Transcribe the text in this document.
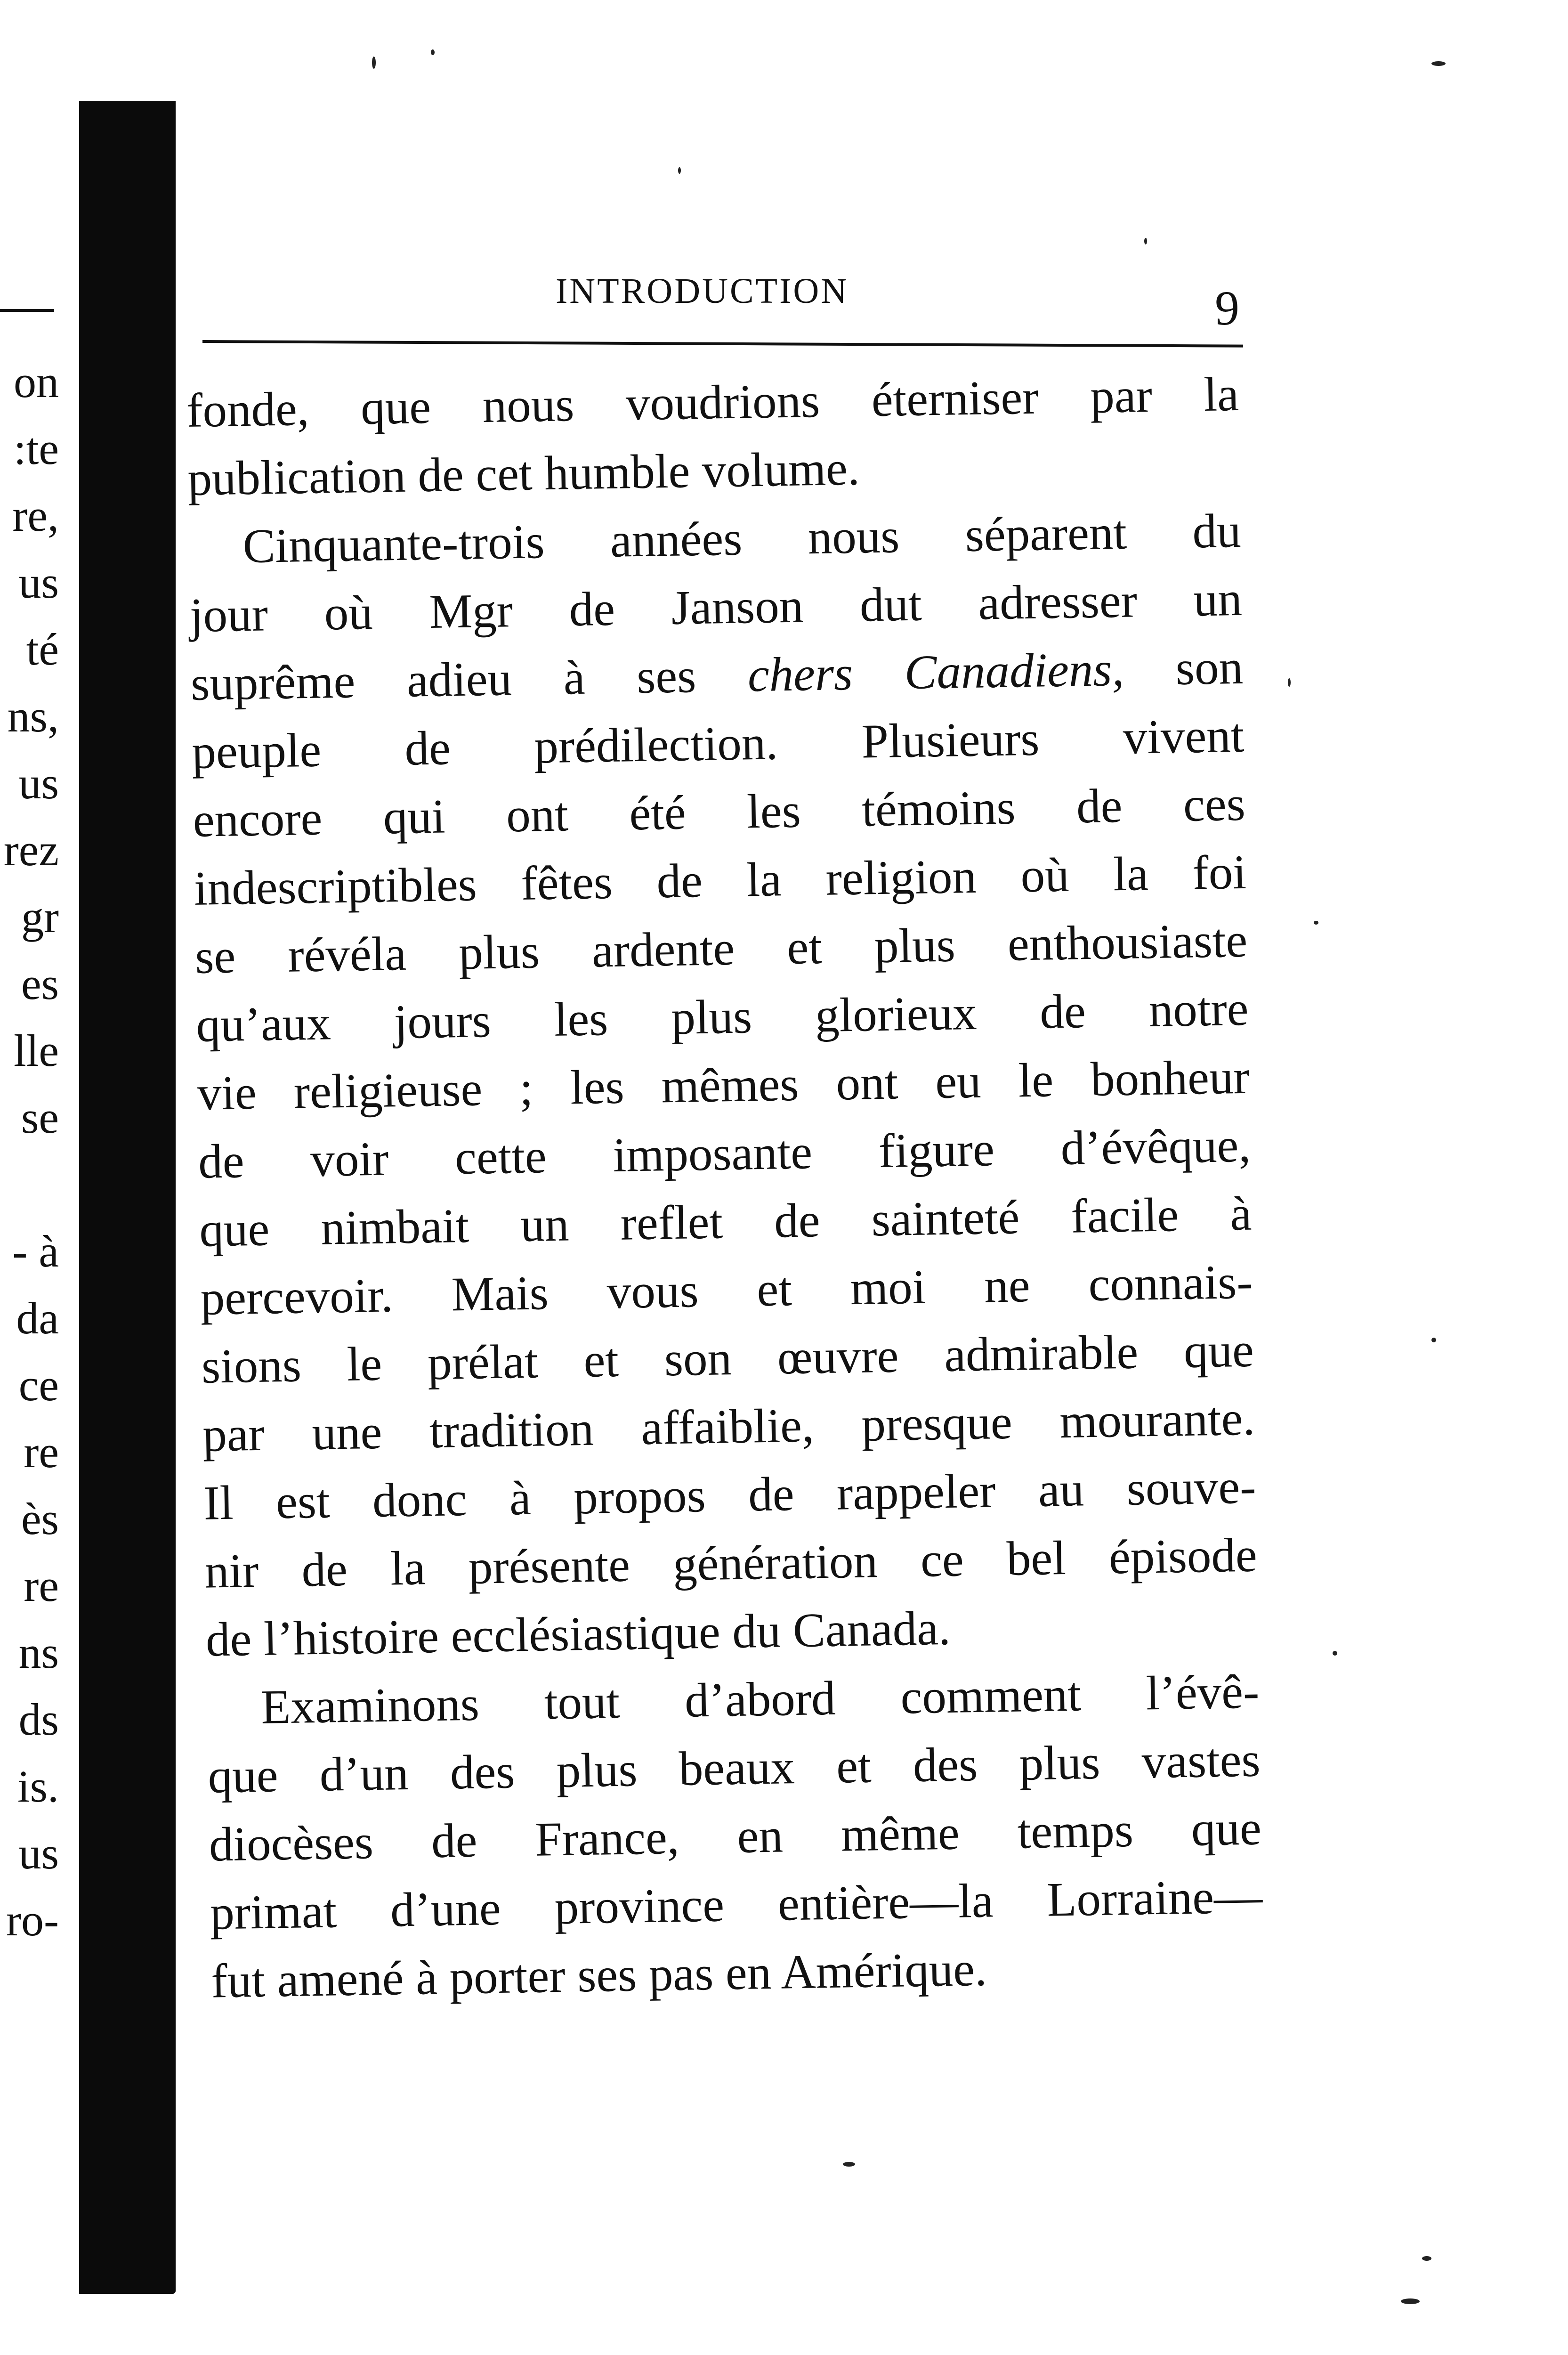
on
:te
re,
us
té
ns,
us
rez
gr
es
lle
se
- à
da
ce
re
ès
re
ns
ds
is.
us
ro-
INTRODUCTION	9
fonde, que nous voudrions éterniser par la
publication de cet humble volume.
Cinquante-trois années nous séparent du
jour où Mgr de Janson dut adresser un
suprême adieu à ses chers Canadiens, son
peuple de prédilection. Plusieurs vivent
encore qui ont été les témoins de ces
indescriptibles fêtes de la religion où la foi
se révéla plus ardente et plus enthousiaste
qu’aux jours les plus glorieux de notre
vie religieuse ; les mêmes ont eu le bonheur
de voir cette imposante figure d’évêque,
que nimbait un reflet de sainteté facile à
percevoir. Mais vous et moi ne connais-
sions le prélat et son œuvre admirable que
par une tradition affaiblie, presque mourante.
Il est donc à propos de rappeler au souve-
nir de la présente génération ce bel épisode
de l’histoire ecclésiastique du Canada.
Examinons tout d’abord comment l’évê-
que d’un des plus beaux et des plus vastes
diocèses de France, en même temps que
primat d’une province entière—la Lorraine—
fut amené à porter ses pas en Amérique.
